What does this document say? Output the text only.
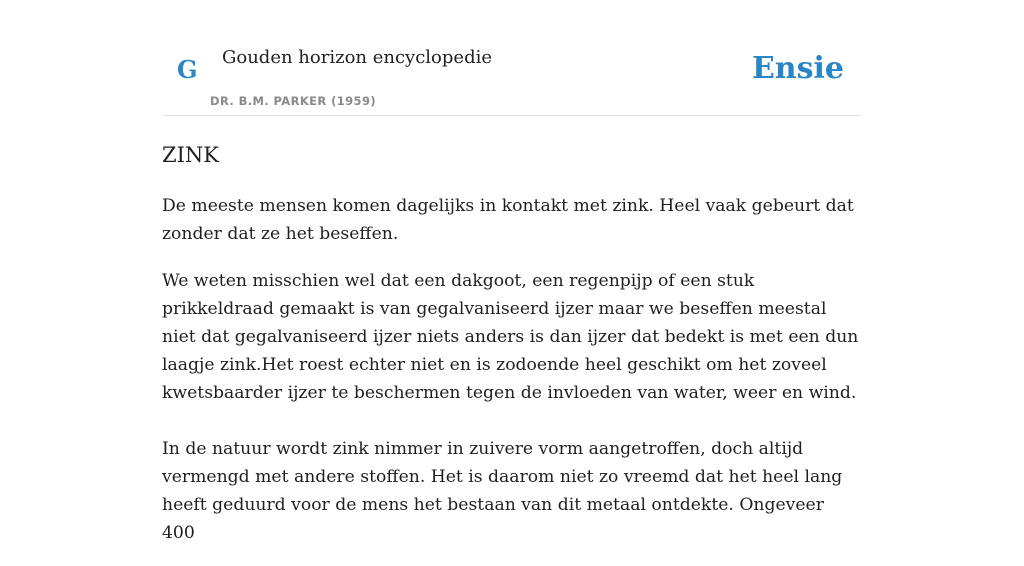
G Gouden horizon encyclopedie
DR. B.M. PARKER (1959)
Ensie
ZINK

De meeste mensen komen dagelijks in kontakt met zink. Heel vaak gebeurt dat zonder dat ze het beseffen.

We weten misschien wel dat een dakgoot, een regenpijp of een stuk prikkeldraad gemaakt is van gegalvaniseerd ijzer maar we beseffen meestal niet dat gegalvaniseerd ijzer niets anders is dan ijzer dat bedekt is met een dun laagje zink.Het roest echter niet en is zodoende heel geschikt om het zoveel kwetsbaarder ijzer te beschermen tegen de invloeden van water, weer en wind.

In de natuur wordt zink nimmer in zuivere vorm aangetroffen, doch altijd vermengd met andere stoffen. Het is daarom niet zo vreemd dat het heel lang heeft geduurd voor de mens het bestaan van dit metaal ontdekte. Ongeveer 400
